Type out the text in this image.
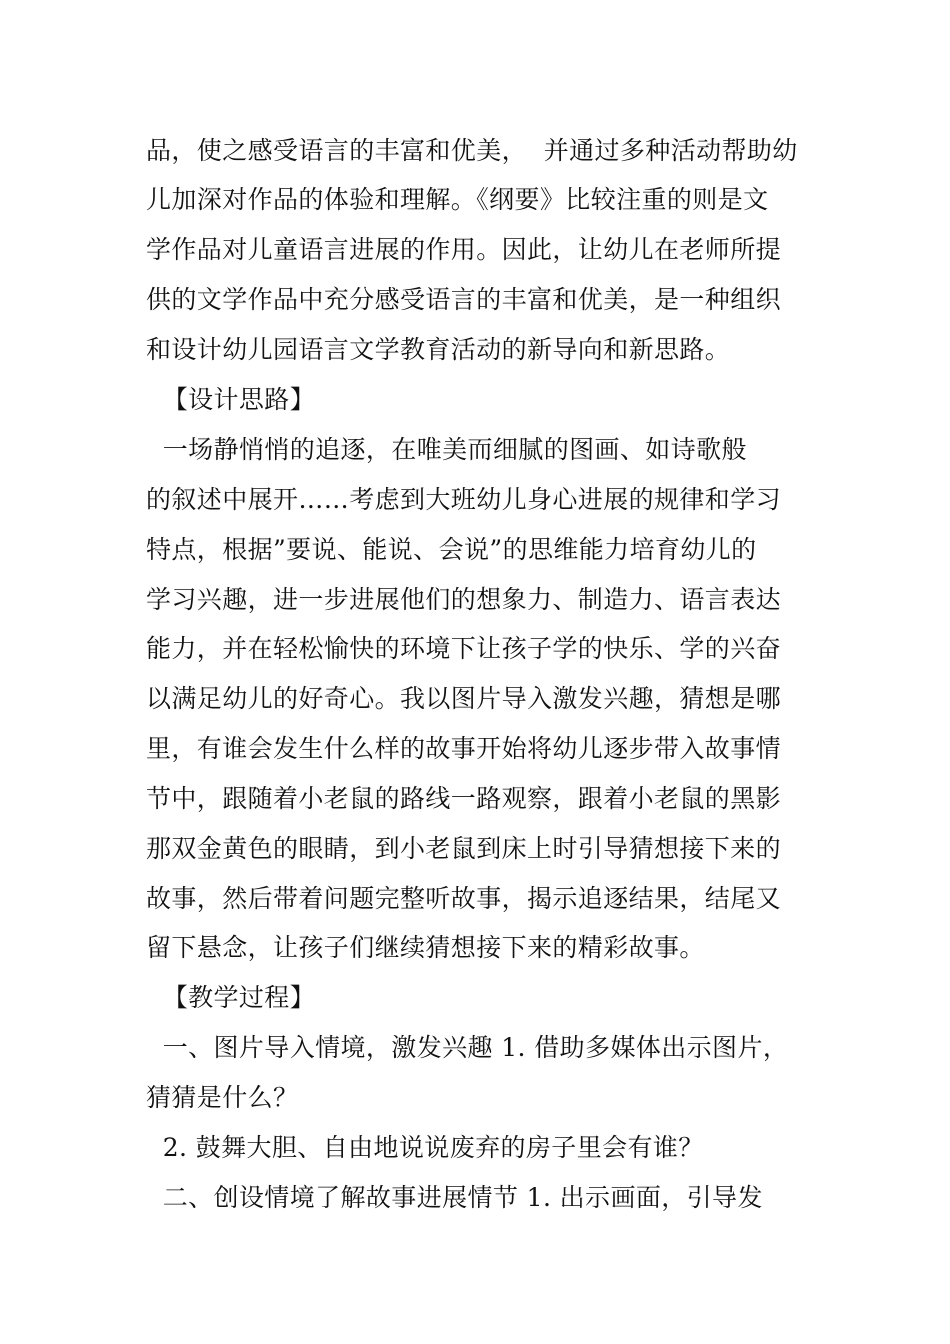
品，使之感受语言的丰富和优美，  并通过多种活动帮助幼
儿加深对作品的体验和理解。《纲要》比较注重的则是文
学作品对儿童语言进展的作用。因此，让幼儿在老师所提
供的文学作品中充分感受语言的丰富和优美，是一种组织
和设计幼儿园语言文学教育活动的新导向和新思路。
【设计思路】
一场静悄悄的追逐，在唯美而细腻的图画、如诗歌般
的叙述中展开……考虑到大班幼儿身心进展的规律和学习
特点，根据”要说、能说、会说”的思维能力培育幼儿的
学习兴趣，进一步进展他们的想象力、制造力、语言表达
能力，并在轻松愉快的环境下让孩子学的快乐、学的兴奋
以满足幼儿的好奇心。我以图片导入激发兴趣，猜想是哪
里，有谁会发生什么样的故事开始将幼儿逐步带入故事情
节中，跟随着小老鼠的路线一路观察，跟着小老鼠的黑影
那双金黄色的眼睛，到小老鼠到床上时引导猜想接下来的
故事，然后带着问题完整听故事，揭示追逐结果，结尾又
留下悬念，让孩子们继续猜想接下来的精彩故事。
【教学过程】
一、图片导入情境，激发兴趣 1. 借助多媒体出示图片，
猜猜是什么？
2. 鼓舞大胆、自由地说说废弃的房子里会有谁？
二、创设情境了解故事进展情节 1. 出示画面，引导发
